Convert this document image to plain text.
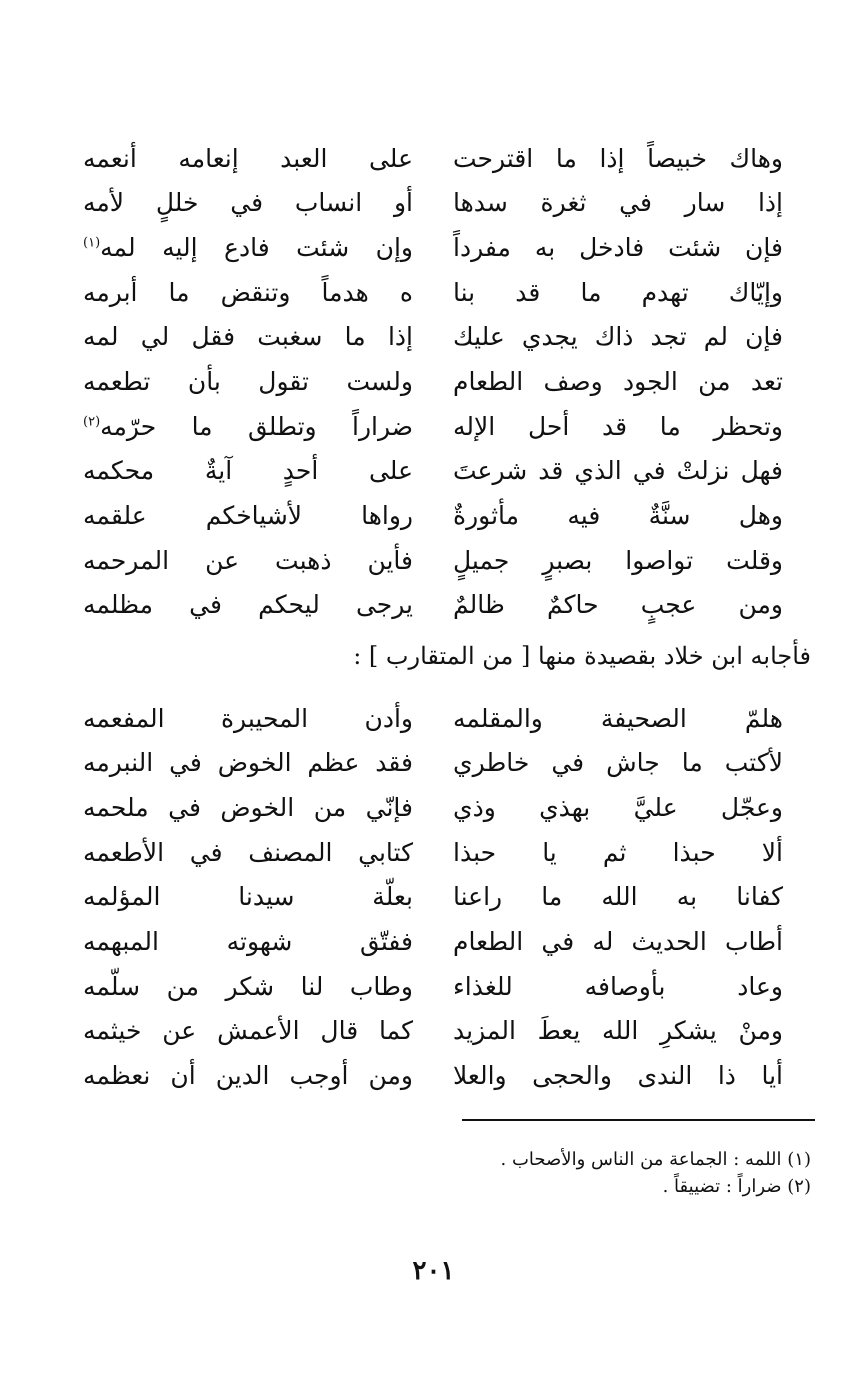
وهاك خبيصاً إذا ما اقترحت
على العبد إنعامه أنعمه
إذا سار في ثغرة سدها
أو انساب في خللٍ لأمه
فإن شئت فادخل به مفرداً
وإن شئت فادع إليه لمه$^{(١)}$
وإيّاك تهدم ما قد بنا
ه هدماً وتنقض ما أبرمه
فإن لم تجد ذاك يجدي عليك
إذا ما سغبت فقل لي لمه
تعد من الجود وصف الطعام
ولست تقول بأن تطعمه
وتحظر ما قد أحل الإله
ضراراً وتطلق ما حرّمه$^{(٢)}$
فهل نزلتْ في الذي قد شرعتَ
على أحدٍ آيةٌ محكمه
وهل سنَّةٌ فيه مأثورةٌ
رواها لأشياخكم علقمه
وقلت تواصوا بصبرٍ جميلٍ
فأين ذهبت عن المرحمه
ومن عجبٍ حاكمٌ ظالمٌ
يرجى ليحكم في مظلمه
فأجابه ابن خلاد بقصيدة منها [ من المتقارب ] :
هلمّ الصحيفة والمقلمه
وأدن المحيبرة المفعمه
لأكتب ما جاش في خاطري
فقد عظم الخوض في النبرمه
وعجّل عليَّ بهذي وذي
فإنّي من الخوض في ملحمه
ألا حبذا ثم يا حبذا
كتابي المصنف في الأطعمه
كفانا به الله ما راعنا
بعلّة سيدنا المؤلمه
أطاب الحديث له في الطعام
ففتّق شهوته المبهمه
وعاد بأوصافه للغذاء
وطاب لنا شكر من سلّمه
ومنْ يشكرِ الله يعطَ المزيد
كما قال الأعمش عن خيثمه
أيا ذا الندى والحجى والعلا
ومن أوجب الدين أن نعظمه
(١) اللمه : الجماعة من الناس والأصحاب .
(٢) ضراراً : تضييقاً .
٢٠١
